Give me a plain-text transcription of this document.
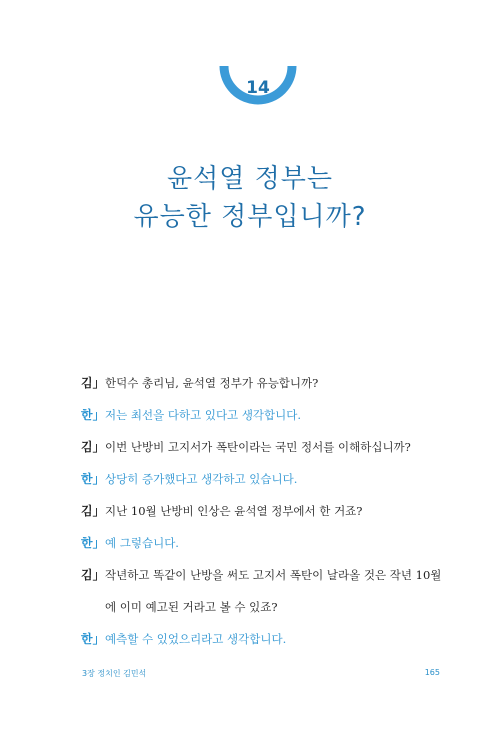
14
윤석열 정부는
유능한 정부입니까?
김」 한덕수 총리님, 윤석열 정부가 유능합니까?
한」 저는 최선을 다하고 있다고 생각합니다.
김」 이번 난방비 고지서가 폭탄이라는 국민 정서를 이해하십니까?
한」 상당히 증가했다고 생각하고 있습니다.
김」 지난 10월 난방비 인상은 윤석열 정부에서 한 거죠?
한」 예 그렇습니다.
김」 작년하고 똑같이 난방을 써도 고지서 폭탄이 날라올 것은 작년 10월
에 이미 예고된 거라고 볼 수 있죠?
한」 예측할 수 있었으리라고 생각합니다.
3장 정치인 김민석	165
